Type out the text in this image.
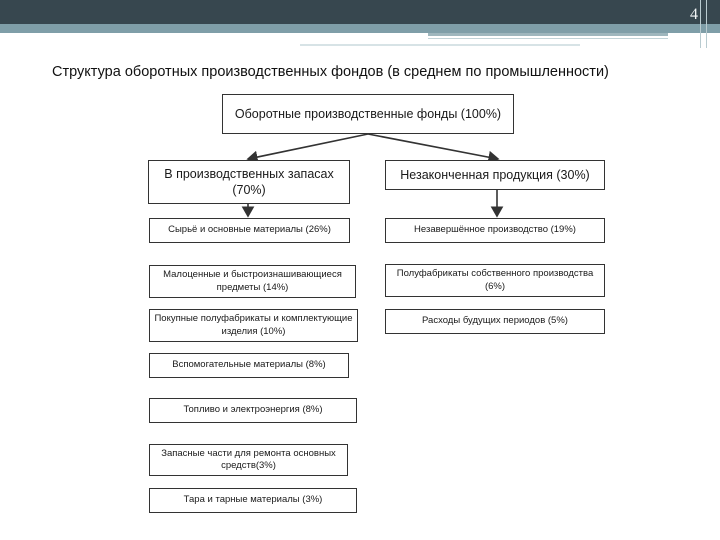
4
Структура оборотных производственных фондов (в среднем по промышленности)
Оборотные производственные фонды (100%)
В производственных запасах (70%)
Незаконченная продукция (30%)
Сырьё и основные материалы (26%)
Малоценные и быстроизнашивающиеся предметы (14%)
Покупные полуфабрикаты и комплектующие изделия (10%)
Вспомогательные материалы (8%)
Топливо и электроэнергия (8%)
Запасные части для ремонта основных средств(3%)
Тара и тарные материалы (3%)
Незавершённое производство (19%)
Полуфабрикаты собственного производства (6%)
Расходы будущих периодов (5%)
